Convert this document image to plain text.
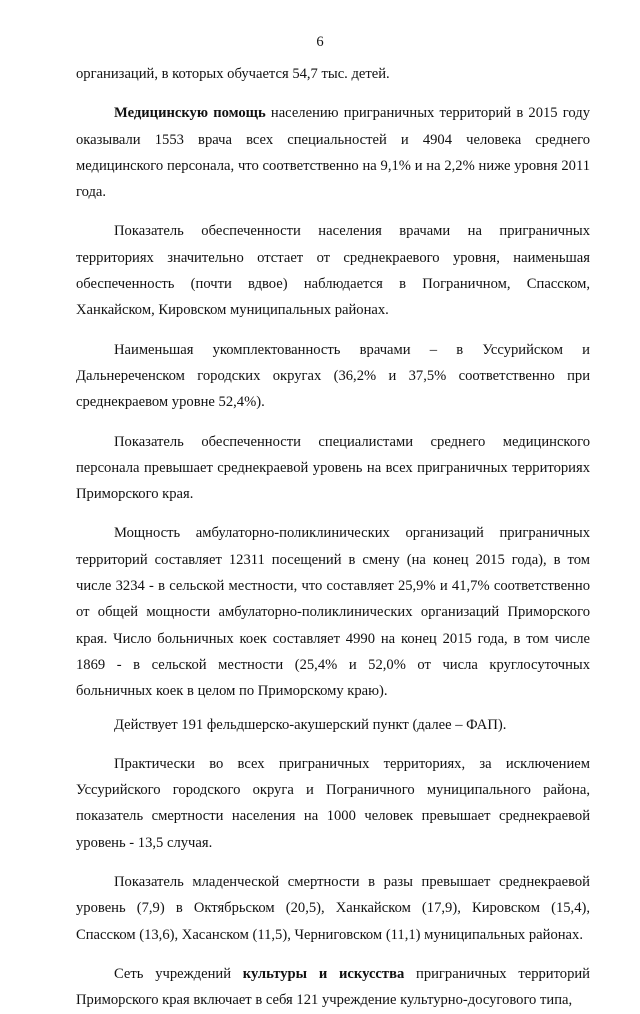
6

организаций, в которых обучается 54,7 тыс. детей.

Медицинскую помощь населению приграничных территорий в 2015 году оказывали 1553 врача всех специальностей и 4904 человека среднего медицинского персонала, что соответственно на 9,1% и на 2,2% ниже уровня 2011 года.

Показатель обеспеченности населения врачами на приграничных территориях значительно отстает от среднекраевого уровня, наименьшая обеспеченность (почти вдвое) наблюдается в Пограничном, Спасском, Ханкайском, Кировском муниципальных районах.

Наименьшая укомплектованность врачами – в Уссурийском и Дальнереченском городских округах (36,2% и 37,5% соответственно при среднекраевом уровне 52,4%).

Показатель обеспеченности специалистами среднего медицинского персонала превышает среднекраевой уровень на всех приграничных территориях Приморского края.

Мощность амбулаторно-поликлинических организаций приграничных территорий составляет 12311 посещений в смену (на конец 2015 года), в том числе 3234 - в сельской местности, что составляет 25,9% и 41,7% соответственно от общей мощности амбулаторно-поликлинических организаций Приморского края. Число больничных коек составляет 4990 на конец 2015 года, в том числе 1869 - в сельской местности (25,4% и 52,0% от числа круглосуточных больничных коек в целом по Приморскому краю).

Действует 191 фельдшерско-акушерский пункт (далее – ФАП).

Практически во всех приграничных территориях, за исключением Уссурийского городского округа и Пограничного муниципального района, показатель смертности населения на 1000 человек превышает среднекраевой уровень - 13,5 случая.

Показатель младенческой смертности в разы превышает среднекраевой уровень (7,9) в Октябрьском (20,5), Ханкайском (17,9), Кировском (15,4), Спасском (13,6), Хасанском (11,5), Черниговском (11,1) муниципальных районах.

Сеть учреждений культуры и искусства приграничных территорий Приморского края включает в себя 121 учреждение культурно-досугового типа,
